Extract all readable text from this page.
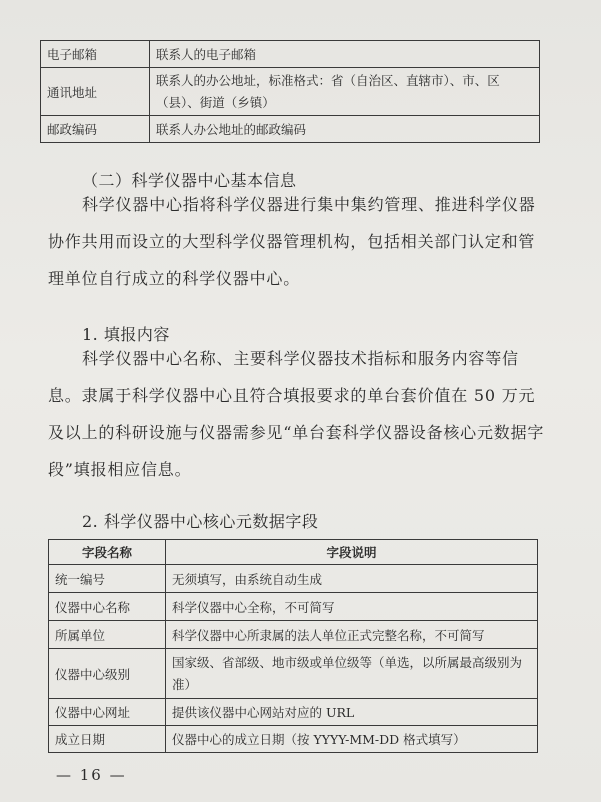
电子邮箱	联系人的电子邮箱
通讯地址	联系人的办公地址，标准格式：省（自治区、直辖市）、市、区（县）、街道（乡镇）
邮政编码	联系人办公地址的邮政编码
（二）科学仪器中心基本信息
科学仪器中心指将科学仪器进行集中集约管理、推进科学仪器协作共用而设立的大型科学仪器管理机构，包括相关部门认定和管理单位自行成立的科学仪器中心。
1. 填报内容
科学仪器中心名称、主要科学仪器技术指标和服务内容等信息。隶属于科学仪器中心且符合填报要求的单台套价值在 50 万元及以上的科研设施与仪器需参见“单台套科学仪器设备核心元数据字段”填报相应信息。
2. 科学仪器中心核心元数据字段
字段名称	字段说明
统一编号	无须填写，由系统自动生成
仪器中心名称	科学仪器中心全称，不可简写
所属单位	科学仪器中心所隶属的法人单位正式完整名称，不可简写
仪器中心级别	国家级、省部级、地市级或单位级等（单选，以所属最高级别为准）
仪器中心网址	提供该仪器中心网站对应的 URL
成立日期	仪器中心的成立日期（按 YYYY-MM-DD 格式填写）
— 16 —
